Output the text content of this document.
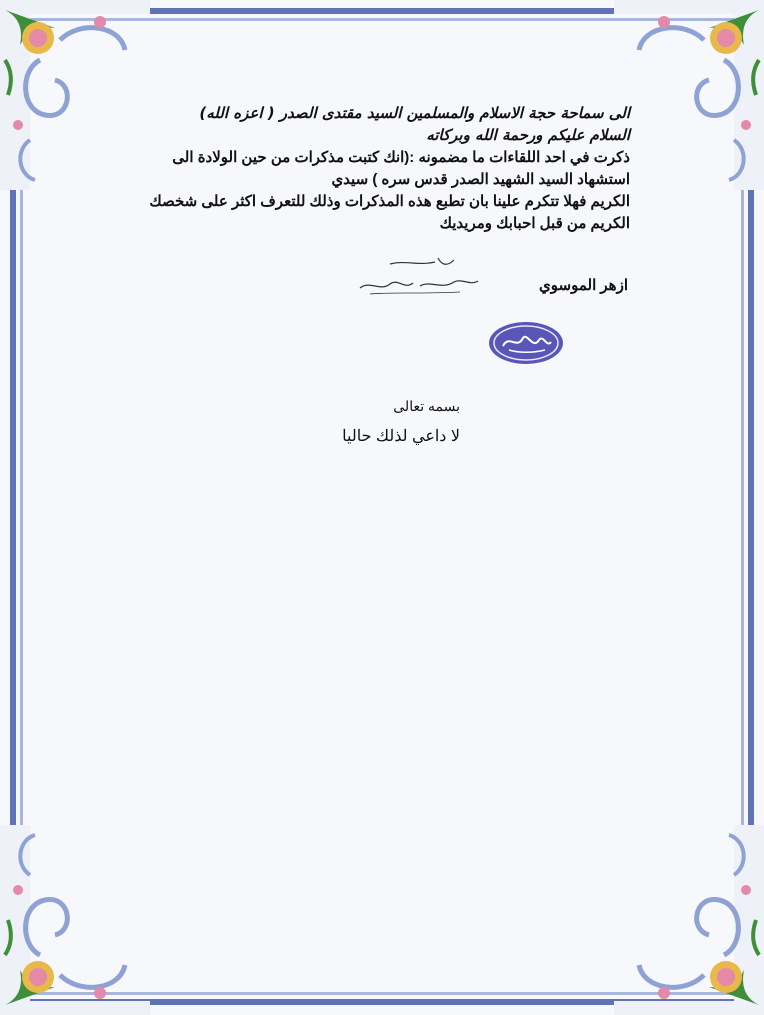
الى سماحة حجة الاسلام والمسلمين السيد مقتدى الصدر ( اعزه الله)
السلام عليكم ورحمة الله وبركاته
ذكرت في احد اللقاءات ما مضمونه :(انك كتبت مذكرات من حين الولادة الى
استشهاد السيد الشهيد الصدر قدس سره ) سيدي
الكريم فهلا تتكرم علينا بان تطبع هذه المذكرات وذلك للتعرف اكثر على شخصك
الكريم من قبل احبابك ومريديك
ازهر الموسوي
بسمه تعالى
لا داعي لذلك حاليا
